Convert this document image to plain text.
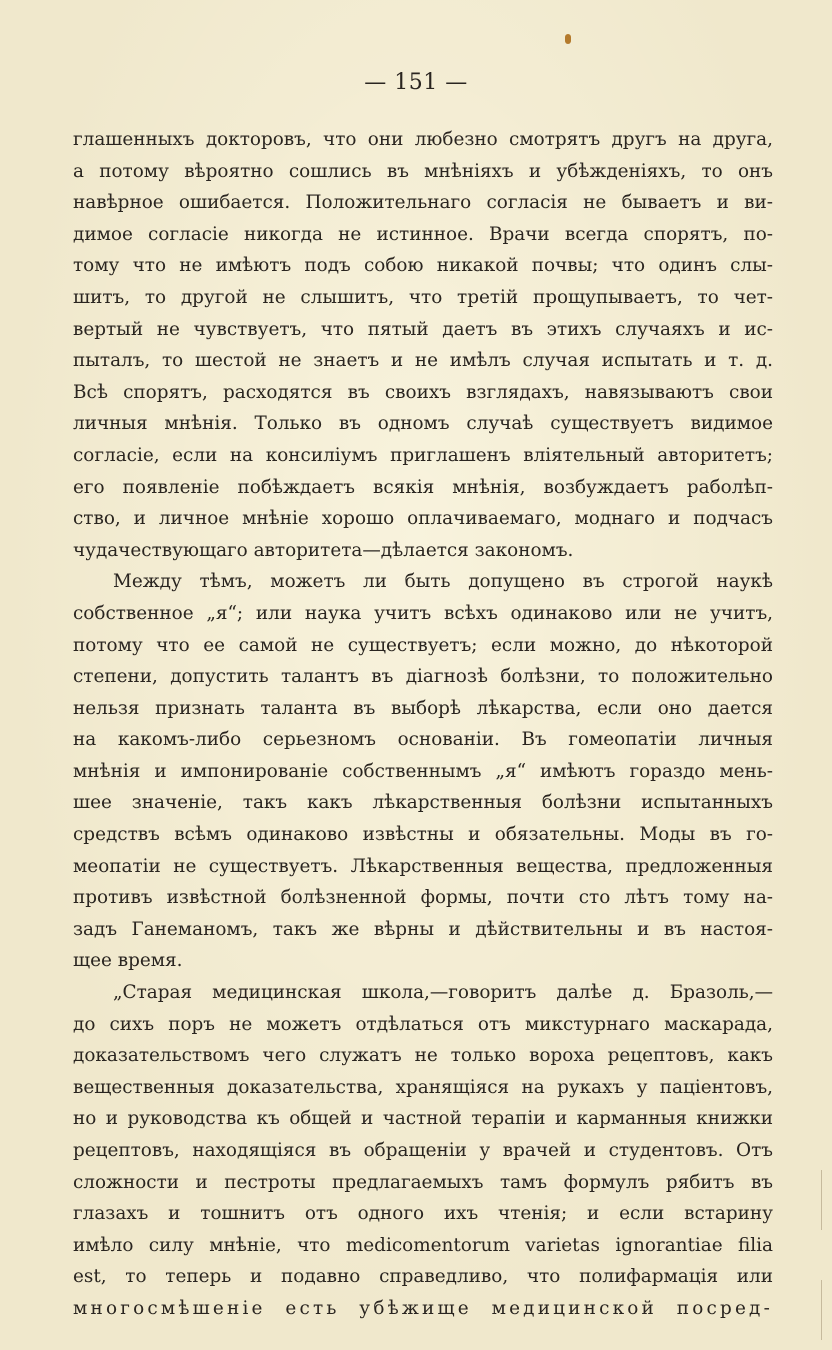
— 151 —
глашенныхъ докторовъ, что они любезно смотрятъ другъ на друга,
а потому вѣроятно сошлись въ мнѣніяхъ и убѣжденіяхъ, то онъ
навѣрное ошибается. Положительнаго согласія не бываетъ и ви-
димое согласіе никогда не истинное. Врачи всегда спорятъ, по-
тому что не имѣютъ подъ собою никакой почвы; что одинъ слы-
шитъ, то другой не слышитъ, что третій прощупываетъ, то чет-
вертый не чувствуетъ, что пятый даетъ въ этихъ случаяхъ и ис-
пыталъ, то шестой не знаетъ и не имѣлъ случая испытать и т. д.
Всѣ спорятъ, расходятся въ своихъ взглядахъ, навязываютъ свои
личныя мнѣнія. Только въ одномъ случаѣ существуетъ видимое
согласіе, если на консиліумъ приглашенъ вліятельный авторитетъ;
его появленіе побѣждаетъ всякія мнѣнія, возбуждаетъ раболѣп-
ство, и личное мнѣніе хорошо оплачиваемаго, моднаго и подчасъ
чудачествующаго авторитета—дѣлается закономъ.
Между тѣмъ, можетъ ли быть допущено въ строгой наукѣ
собственное „я“; или наука учитъ всѣхъ одинаково или не учитъ,
потому что ее самой не существуетъ; если можно, до нѣкоторой
степени, допустить талантъ въ діагнозѣ болѣзни, то положительно
нельзя признать таланта въ выборѣ лѣкарства, если оно дается
на какомъ-либо серьезномъ основаніи. Въ гомеопатіи личныя
мнѣнія и импонированіе собственнымъ „я“ имѣютъ гораздо мень-
шее значеніе, такъ какъ лѣкарственныя болѣзни испытанныхъ
средствъ всѣмъ одинаково извѣстны и обязательны. Моды въ го-
меопатіи не существуетъ. Лѣкарственныя вещества, предложенныя
противъ извѣстной болѣзненной формы, почти сто лѣтъ тому на-
задъ Ганеманомъ, такъ же вѣрны и дѣйствительны и въ настоя-
щее время.
„Старая медицинская школа,—говоритъ далѣе д. Бразоль,—
до сихъ поръ не можетъ отдѣлаться отъ микстурнаго маскарада,
доказательствомъ чего служатъ не только вороха рецептовъ, какъ
вещественныя доказательства, хранящіяся на рукахъ у паціентовъ,
но и руководства къ общей и частной терапіи и карманныя книжки
рецептовъ, находящіяся въ обращеніи у врачей и студентовъ. Отъ
сложности и пестроты предлагаемыхъ тамъ формулъ рябитъ въ
глазахъ и тошнитъ отъ одного ихъ чтенія; и если встарину
имѣло силу мнѣніе, что medicomentorum varietas ignorantiae filia
est, то теперь и подавно справедливо, что полифармація или
многосмѣшеніе есть убѣжище медицинской посред-
